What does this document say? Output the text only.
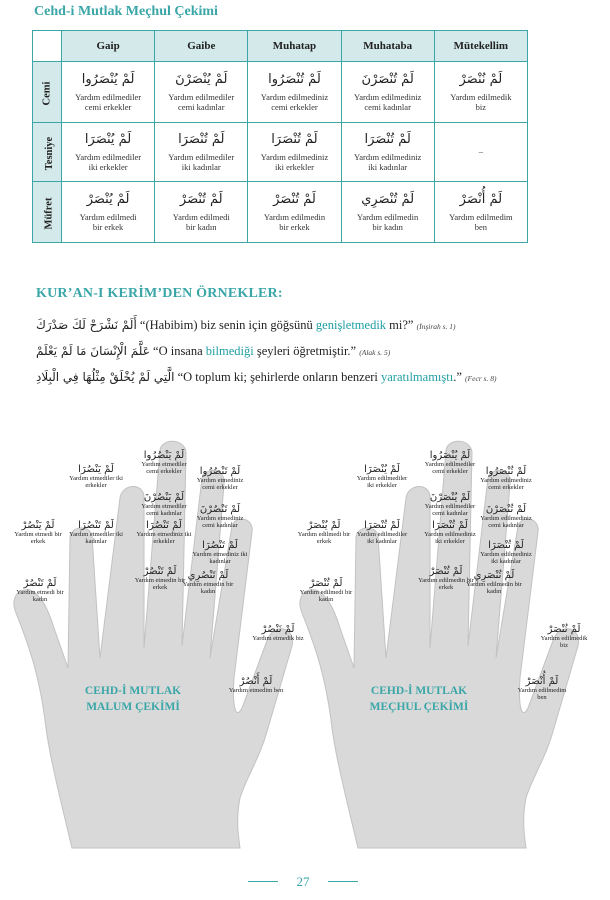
Cehd-i Mutlak Meçhul Çekimi
	Gaip	Gaibe	Muhatap	Muhataba	Mütekellim
Cemi	لَمْ يُنْصَرُوا
Yardım edilmediler
cemi erkekler	لَمْ يُنْصَرْنَ
Yardım edilmediler
cemi kadınlar	لَمْ تُنْصَرُوا
Yardım edilmediniz
cemi erkekler	لَمْ تُنْصَرْنَ
Yardım edilmediniz
cemi kadınlar	لَمْ نُنْصَرْ
Yardım edilmedik
biz

Tesniye	لَمْ يُنْصَرَا
Yardım edilmediler
iki erkekler	لَمْ تُنْصَرَا
Yardım edilmediler
iki kadınlar	لَمْ تُنْصَرَا
Yardım edilmediniz
iki erkekler	لَمْ تُنْصَرَا
Yardım edilmediniz
iki kadınlar	–

Müfret	لَمْ يُنْصَرْ
Yardım edilmedi
bir erkek	لَمْ تُنْصَرْ
Yardım edilmedi
bir kadın	لَمْ تُنْصَرْ
Yardım edilmedin
bir erkek	لَمْ تُنْصَرِي
Yardım edilmedin
bir kadın	لَمْ أُنْصَرْ
Yardım edilmedim
ben
KUR’AN-I KERİM’DEN ÖRNEKLER:
أَلَمْ نَشْرَحْ لَكَ صَدْرَكَ “(Habibim) biz senin için göğsünü genişletmedik mi?” (İnşirah s. 1)
عَلَّمَ الْإِنْسَانَ مَا لَمْ يَعْلَمْ “O insana bilmediği şeyleri öğretmiştir.” (Alak s. 5)
الَّتِي لَمْ يُخْلَقْ مِثْلُهَا فِي الْبِلَادِ “O toplum ki; şehirlerde onların benzeri yaratılmamıştı.” (Fecr s. 8)
لَمْ يَنْصُرُوا
Yardım etmediler cemi erkekler
لَمْ يَنْصُرْنَ
Yardım etmediler cemi kadınlar
لَمْ تَنْصُرُوا
Yardım etmediniz cemi erkekler
لَمْ تَنْصُرْنَ
Yardım etmediniz cemi kadınlar
لَمْ يَنْصُرَا
Yardım etmediler iki erkekler
لَمْ تَنْصُرَا
Yardım etmediler iki kadınlar
لَمْ تَنْصُرَا
Yardım etmediniz iki erkekler	لَمْ تَنْصُرَا
Yardım etmediniz iki kadınlar
لَمْ يَنْصُرْ
Yardım etmedi bir erkek
لَمْ تَنْصُرْ
Yardım etmedi bir kadın
لَمْ تَنْصُرْ
Yardım etmedin bir erkek
لَمْ تَنْصُرِي
Yardım etmedin bir kadın
لَمْ نَنْصُرْ
Yardım etmedik biz
لَمْ أَنْصُرْ
Yardım etmedim ben
لَمْ يُنْصَرُوا
Yardım edilmediler cemi erkekler
لَمْ يُنْصَرْنَ
Yardım edilmediler cemi kadınlar
لَمْ تُنْصَرُوا
Yardım edilmediniz cemi erkekler
لَمْ تُنْصَرْنَ
Yardım edilmediniz cemi kadınlar
لَمْ يُنْصَرَا
Yardım edilmediler iki erkekler
لَمْ تُنْصَرَا
Yardım edilmediler iki kadınlar
لَمْ تُنْصَرَا
Yardım edilmediniz iki erkekler	لَمْ تُنْصَرَا
Yardım edilmediniz iki kadınlar
لَمْ يُنْصَرْ
Yardım edilmedi bir erkek
لَمْ تُنْصَرْ
Yardım edilmedi bir kadın
لَمْ تُنْصَرْ
Yardım edilmedin bir erkek
لَمْ تُنْصَرِي
Yardım edilmedin bir kadın
لَمْ نُنْصَرْ
Yardım edilmedik biz
لَمْ أُنْصَرْ
Yardım edilmedim ben
CEHD-İ MUTLAK
MALUM ÇEKİMİ
CEHD-İ MUTLAK
MEÇHUL ÇEKİMİ
27
